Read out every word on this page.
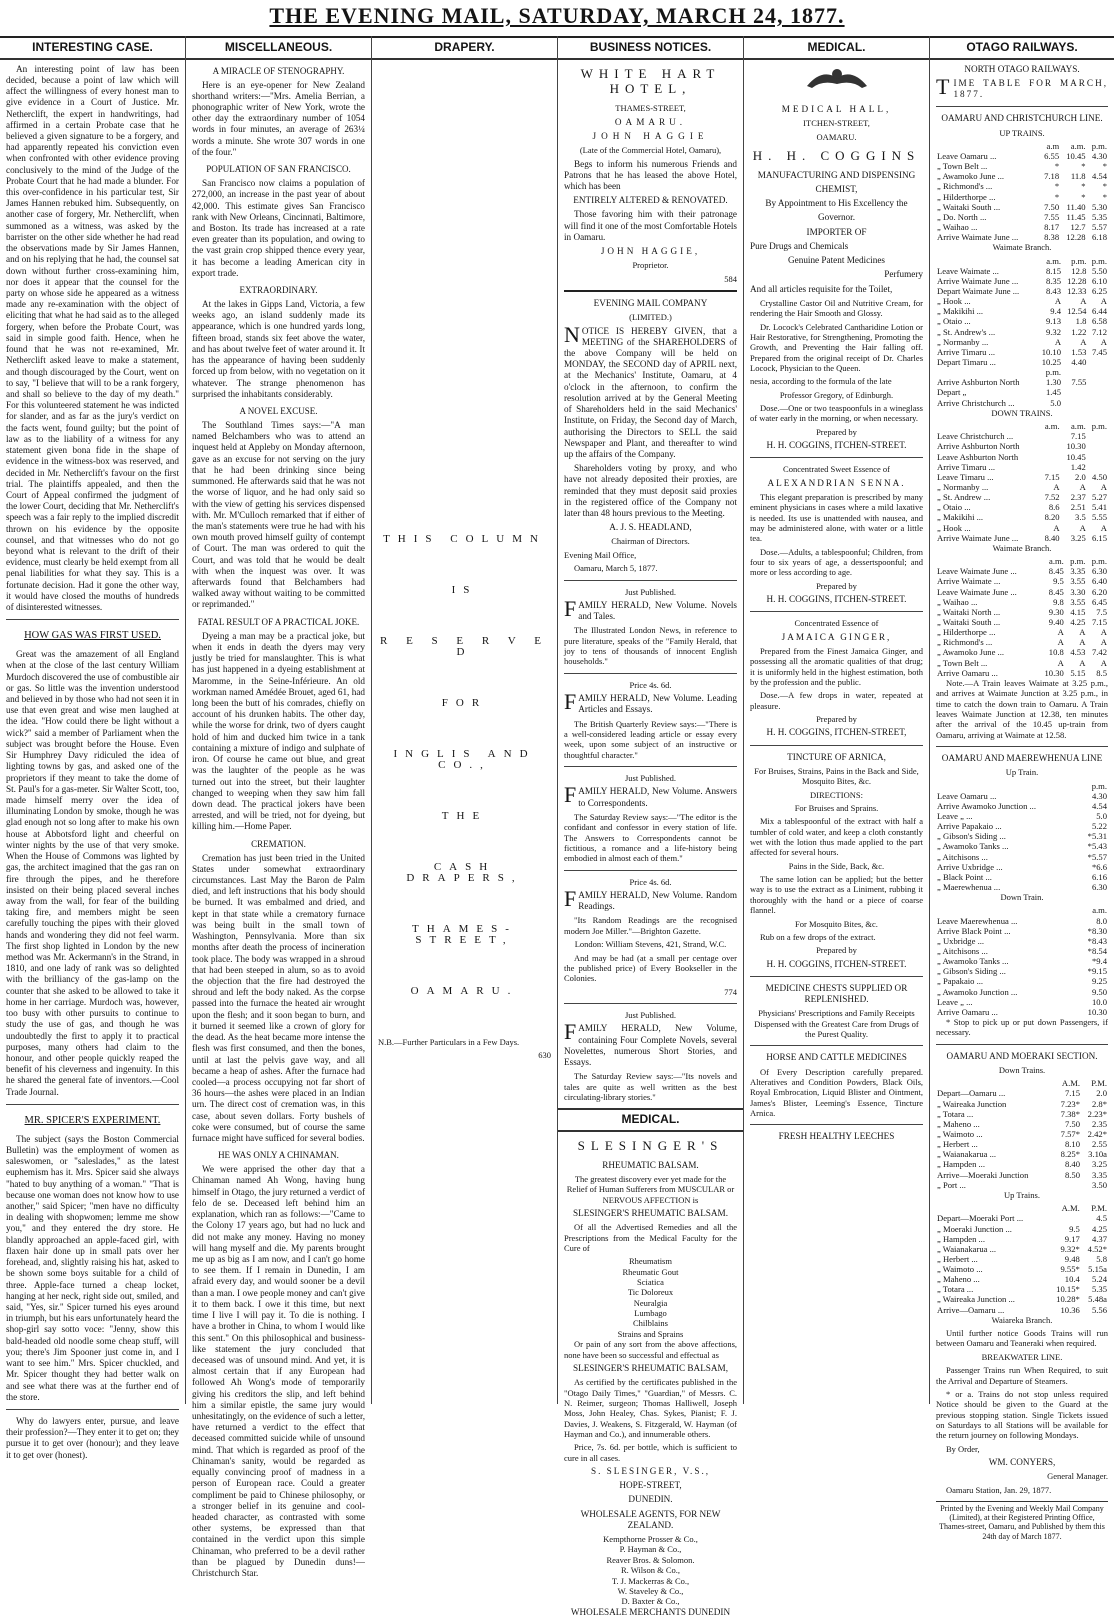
THE EVENING MAIL, SATURDAY, MARCH 24, 1877.
INTERESTING CASE.

An interesting point of law has been decided, because a point of law which will affect the willingness of every honest man to give evidence in a Court of Justice. Mr. Netherclift, the expert in handwritings, had affirmed in a certain Probate case that he believed a given signature to be a forgery, and had apparently repeated his conviction even when confronted with other evidence proving conclusively to the mind of the Judge of the Probate Court that he had made a blunder. For this over-confidence in his particular test, Sir James Hannen rebuked him. Subsequently, on another case of forgery, Mr. Netherclift, when summoned as a witness, was asked by the barrister on the other side whether he had read the observations made by Sir James Hannen, and on his replying that he had, the counsel sat down without further cross-examining him, nor does it appear that the counsel for the party on whose side he appeared as a witness made any re-examination with the object of eliciting that what he had said as to the alleged forgery, when before the Probate Court, was said in simple good faith. Hence, when he found that he was not re-examined, Mr. Netherclift asked leave to make a statement, and though discouraged by the Court, went on to say, "I believe that will to be a rank forgery, and shall so believe to the day of my death." For this volunteered statement he was indicted for slander, and as far as the jury's verdict on the facts went, found guilty; but the point of law as to the liability of a witness for any statement given bona fide in the shape of evidence in the witness-box was reserved, and decided in Mr. Netherclift's favour on the first trial. The plaintiffs appealed, and then the Court of Appeal confirmed the judgment of the lower Court, deciding that Mr. Netherclift's speech was a fair reply to the implied discredit thrown on his evidence by the opposite counsel, and that witnesses who do not go beyond what is relevant to the drift of their evidence, must clearly be held exempt from all penal liabilities for what they say. This is a fortunate decision. Had it gone the other way, it would have closed the mouths of hundreds of disinterested witnesses.

HOW GAS WAS FIRST USED.

Great was the amazement of all England when at the close of the last century William Murdoch discovered the use of combustible air or gas. So little was the invention understood and believed in by those who had not seen it in use that even great and wise men laughed at the idea. "How could there be light without a wick?" said a member of Parliament when the subject was brought before the House. Even Sir Humphrey Davy ridiculed the idea of lighting towns by gas, and asked one of the proprietors if they meant to take the dome of St. Paul's for a gas-meter. Sir Walter Scott, too, made himself merry over the idea of illuminating London by smoke, though he was glad enough not so long after to make his own house at Abbotsford light and cheerful on winter nights by the use of that very smoke. When the House of Commons was lighted by gas, the architect imagined that the gas ran on fire through the pipes, and he therefore insisted on their being placed several inches away from the wall, for fear of the building taking fire, and members might be seen carefully touching the pipes with their gloved hands and wondering they did not feel warm. The first shop lighted in London by the new method was Mr. Ackermann's in the Strand, in 1810, and one lady of rank was so delighted with the brilliancy of the gas-lamp on the counter that she asked to be allowed to take it home in her carriage. Murdoch was, however, too busy with other pursuits to continue to study the use of gas, and though he was undoubtedly the first to apply it to practical purposes, many others had claim to the honour, and other people quickly reaped the benefit of his cleverness and ingenuity. In this he shared the general fate of inventors.—Cool Trade Journal.

MR. SPICER'S EXPERIMENT.

The subject (says the Boston Commercial Bulletin) was the employment of women as saleswomen, or "saleslades," as the latest euphemism has it. Mrs. Spicer said she always "hated to buy anything of a woman." "That is because one woman does not know how to use another," said Spicer; "men have no difficulty in dealing with shopwomen; lemme me show you," and they entered the dry store. He blandly approached an apple-faced girl, with flaxen hair done up in small pats over her forehead, and, slightly raising his hat, asked to be shown some boys suitable for a child of three. Apple-face turned a cheap locket, hanging at her neck, right side out, smiled, and said, "Yes, sir." Spicer turned his eyes around in triumph, but his ears unfortunately heard the shop-girl say sotto voce: "Jenny, show this bald-headed old noodle some cheap stuff, will you; there's Jim Spooner just come in, and I want to see him." Mrs. Spicer chuckled, and Mr. Spicer thought they had better walk on and see what there was at the further end of the store.

Why do lawyers enter, pursue, and leave their profession?—They enter it to get on; they pursue it to get over (honour); and they leave it to get over (honest).

MISCELLANEOUS.
A MIRACLE OF STENOGRAPHY.

Here is an eye-opener for New Zealand shorthand writers:—"Mrs. Amelia Berrian, a phonographic writer of New York, wrote the other day the extraordinary number of 1054 words in four minutes, an average of 263¼ words a minute. She wrote 307 words in one of the four."

POPULATION OF SAN FRANCISCO.

San Francisco now claims a population of 272,000, an increase in the past year of about 42,000. This estimate gives San Francisco rank with New Orleans, Cincinnati, Baltimore, and Boston. Its trade has increased at a rate even greater than its population, and owing to the vast grain crop shipped thence every year, it has become a leading American city in export trade.

EXTRAORDINARY.

At the lakes in Gipps Land, Victoria, a few weeks ago, an island suddenly made its appearance, which is one hundred yards long, fifteen broad, stands six feet above the water, and has about twelve feet of water around it. It has the appearance of having been suddenly forced up from below, with no vegetation on it whatever. The strange phenomenon has surprised the inhabitants considerably.

A NOVEL EXCUSE.

The Southland Times says:—"A man named Belchambers who was to attend an inquest held at Appleby on Monday afternoon, gave as an excuse for not serving on the jury that he had been drinking since being summoned. He afterwards said that he was not the worse of liquor, and he had only said so with the view of getting his services dispensed with. Mr. M'Culloch remarked that if either of the man's statements were true he had with his own mouth proved himself guilty of contempt of Court. The man was ordered to quit the Court, and was told that he would be dealt with when the inquest was over. It was afterwards found that Belchambers had walked away without waiting to be committed or reprimanded."

FATAL RESULT OF A PRACTICAL JOKE.

Dyeing a man may be a practical joke, but when it ends in death the dyers may very justly be tried for manslaughter. This is what has just happened in a dyeing establishment at Maromme, in the Seine-Inférieure. An old workman named Amédée Brouet, aged 61, had long been the butt of his comrades, chiefly on account of his drunken habits. The other day, while the worse for drink, two of dyers caught hold of him and ducked him twice in a tank containing a mixture of indigo and sulphate of iron. Of course he came out blue, and great was the laughter of the people as he was turned out into the street, but their laughter changed to weeping when they saw him fall down dead. The practical jokers have been arrested, and will be tried, not for dyeing, but killing him.—Home Paper.

CREMATION.

Cremation has just been tried in the United States under somewhat extraordinary circumstances. Last May the Baron de Palm died, and left instructions that his body should be burned. It was embalmed and dried, and kept in that state while a crematory furnace was being built in the small town of Washington, Pennsylvania. More than six months after death the process of incineration took place. The body was wrapped in a shroud that had been steeped in alum, so as to avoid the objection that the fire had destroyed the shroud and left the body naked. As the corpse passed into the furnace the heated air wrought upon the flesh; and it soon began to burn, and it burned it seemed like a crown of glory for the dead. As the heat became more intense the flesh was first consumed, and then the bones, until at last the pelvis gave way, and all became a heap of ashes. After the furnace had cooled—a process occupying not far short of 36 hours—the ashes were placed in an Indian urn. The direct cost of cremation was, in this case, about seven dollars. Forty bushels of coke were consumed, but of course the same furnace might have sufficed for several bodies.

HE WAS ONLY A CHINAMAN.

We were apprised the other day that a Chinaman named Ah Wong, having hung himself in Otago, the jury returned a verdict of felo de se. Deceased left behind him an explanation, which ran as follows:—"Came to the Colony 17 years ago, but had no luck and did not make any money. Having no money will hang myself and die. My parents brought me up as big as I am now, and I can't go home to see them. If I remain in Dunedin, I am afraid every day, and would sooner be a devil than a man. I owe people money and can't give it to them back. I owe it this time, but next time I live I will pay it. To die is nothing. I have a brother in China, to whom I would like this sent." On this philosophical and business-like statement the jury concluded that deceased was of unsound mind. And yet, it is almost certain that if any European had followed Ah Wong's mode of temporarily giving his creditors the slip, and left behind him a similar epistle, the same jury would unhesitatingly, on the evidence of such a letter, have returned a verdict to the effect that deceased committed suicide while of unsound mind. That which is regarded as proof of the Chinaman's sanity, would be regarded as equally convincing proof of madness in a person of European race. Could a greater compliment be paid to Chinese philosophy, or a stronger belief in its genuine and cool-headed character, as contrasted with some other systems, be expressed than that contained in the verdict upon this simple Chinaman, who preferred to be a devil rather than be plagued by Dunedin duns!—Christchurch Star.

DRAPERY.
THIS COLUMN
IS
R E S E R V E D
FOR
INGLIS AND CO.,
THE
CASH DRAPERS,
THAMES-STREET,
OAMARU.

N.B.—Further Particulars in a Few Days.

630

BUSINESS NOTICES.
WHITE HART HOTEL,

THAMES-STREET,

OAMARU.

JOHN HAGGIE

(Late of the Commercial Hotel, Oamaru),

Begs to inform his numerous Friends and Patrons that he has leased the above Hotel, which has been

ENTIRELY ALTERED & RENOVATED.

Those favoring him with their patronage will find it one of the most Comfortable Hotels in Oamaru.

JOHN HAGGIE,

Proprietor.

584

EVENING MAIL COMPANY

(LIMITED.)

NOTICE IS HEREBY GIVEN, that a MEETING of the SHAREHOLDERS of the above Company will be held on MONDAY, the SECOND day of APRIL next, at the Mechanics' Institute, Oamaru, at 4 o'clock in the afternoon, to confirm the resolution arrived at by the General Meeting of Shareholders held in the said Mechanics' Institute, on Friday, the Second day of March, authorising the Directors to SELL the said Newspaper and Plant, and thereafter to wind up the affairs of the Company.

Shareholders voting by proxy, and who have not already deposited their proxies, are reminded that they must deposit said proxies in the registered office of the Company not later than 48 hours previous to the Meeting.

A. J. S. HEADLAND,

Chairman of Directors.

Evening Mail Office,

Oamaru, March 5, 1877.

Just Published.

FAMILY HERALD, New Volume. Novels and Tales.

The Illustrated London News, in reference to pure literature, speaks of the "Family Herald, that joy to tens of thousands of innocent English households."

Price 4s. 6d.

FAMILY HERALD, New Volume. Leading Articles and Essays.

The British Quarterly Review says:—"There is a well-considered leading article or essay every week, upon some subject of an instructive or thoughtful character."

Just Published.

FAMILY HERALD, New Volume. Answers to Correspondents.

The Saturday Review says:—"The editor is the confidant and confessor in every station of life. The Answers to Correspondents cannot be fictitious, a romance and a life-history being embodied in almost each of them."

Price 4s. 6d.

FAMILY HERALD, New Volume. Random Readings.

"Its Random Readings are the recognised modern Joe Miller."—Brighton Gazette.

London: William Stevens, 421, Strand, W.C.

And may be had (at a small per centage over the published price) of Every Bookseller in the Colonies.

774

Just Published.

FAMILY HERALD, New Volume, containing Four Complete Novels, several Novelettes, numerous Short Stories, and Essays.

The Saturday Review says:—"Its novels and tales are quite as well written as the best circulating-library stories."

MEDICAL.
SLESINGER'S

RHEUMATIC BALSAM.

The greatest discovery ever yet made for the Relief of Human Sufferers from MUSCULAR or NERVOUS AFFECTION is

SLESINGER'S RHEUMATIC BALSAM.

Of all the Advertised Remedies and all the Prescriptions from the Medical Faculty for the Cure of

Rheumatism
Rheumatic Gout
Sciatica
Tic Doloreux
Neuralgia
Lumbago
Chilblains
Strains and Sprains

Or pain of any sort from the above affections, none have been so successful and effectual as

SLESINGER'S RHEUMATIC BALSAM,

As certified by the certificates published in the "Otago Daily Times," "Guardian," of Messrs. C. N. Reimer, surgeon; Thomas Halliwell, Joseph Moss, John Healey, Chas. Sykes, Pianist; F. J. Davies, J. Weakens, S. Fitzgerald, W. Hayman (of Hayman and Co.), and innumerable others.

Price, 7s. 6d. per bottle, which is sufficient to cure in all cases.

S. SLESINGER, V.S.,

HOPE-STREET,

DUNEDIN.

WHOLESALE AGENTS, FOR NEW ZEALAND.

Kempthorne Prosser & Co.,
P. Hayman & Co.,
Reaver Bros. & Solomon.
R. Wilson & Co.,
T. J. Mackerras & Co.,
W. Staveley & Co.,
D. Baxter & Co.,

WHOLESALE MERCHANTS DUNEDIN

MEDICAL.

MEDICAL HALL,

ITCHEN-STREET,

OAMARU.

H. H. COGGINS

MANUFACTURING AND DISPENSING

CHEMIST,

By Appointment to His Excellency the

Governor.

IMPORTER OF

Pure Drugs and Chemicals

Genuine Patent Medicines

Perfumery

And all articles requisite for the Toilet,

Crystalline Castor Oil and Nutritive Cream, for rendering the Hair Smooth and Glossy.

Dr. Locock's Celebrated Cantharidine Lotion or Hair Restorative, for Strengthening, Promoting the Growth, and Preventing the Hair falling off. Prepared from the original receipt of Dr. Charles Locock, Physician to the Queen.

nesia, according to the formula of the late

Professor Gregory, of Edinburgh.

Dose.—One or two teaspoonfuls in a wineglass of water early in the morning, or when necessary.

Prepared by

H. H. COGGINS, ITCHEN-STREET.

Concentrated Sweet Essence of

ALEXANDRIAN SENNA.

This elegant preparation is prescribed by many eminent physicians in cases where a mild laxative is needed. Its use is unattended with nausea, and may be administered alone, with water or a little tea.

Dose.—Adults, a tablespoonful; Children, from four to six years of age, a dessertspoonful; and more or less according to age.

Prepared by

H. H. COGGINS, ITCHEN-STREET.

Concentrated Essence of

JAMAICA GINGER,

Prepared from the Finest Jamaica Ginger, and possessing all the aromatic qualities of that drug; it is uniformly held in the highest estimation, both by the profession and the public.

Dose.—A few drops in water, repeated at pleasure.

Prepared by

H. H. COGGINS, ITCHEN-STREET,

TINCTURE OF ARNICA,

For Bruises, Strains, Pains in the Back and Side, Mosquito Bites, &c.

DIRECTIONS:

For Bruises and Sprains.

Mix a tablespoonful of the extract with half a tumbler of cold water, and keep a cloth constantly wet with the lotion thus made applied to the part affected for several hours.

Pains in the Side, Back, &c.

The same lotion can be applied; but the better way is to use the extract as a Liniment, rubbing it thoroughly with the hand or a piece of coarse flannel.

For Mosquito Bites, &c.

Rub on a few drops of the extract.

Prepared by

H. H. COGGINS, ITCHEN-STREET.

MEDICINE CHESTS SUPPLIED OR REPLENISHED.

Physicians' Prescriptions and Family Receipts Dispensed with the Greatest Care from Drugs of the Purest Quality.

HORSE AND CATTLE MEDICINES

Of Every Description carefully prepared. Alteratives and Condition Powders, Black Oils, Royal Embrocation, Liquid Blister and Ointment, James's Blister, Leeming's Essence, Tincture Arnica.

FRESH HEALTHY LEECHES

OTAGO RAILWAYS.

NORTH OTAGO RAILWAYS.

TIME TABLE FOR MARCH, 1877.

OAMARU AND CHRISTCHURCH LINE.

UP TRAINS.

	a.m	a.m.	p.m.
Leave Oamaru ...	6.55	10.45	4.30
„ Town Belt ...	*	*	*
„ Awamoko June ...	7.18	11.8	4.54
„ Richmond's ...	*	*	*
„ Hilderthorpe ...	*	*	*
„ Waitaki South ...	7.50	11.40	5.30
„ Do. North ...	7.55	11.45	5.35
„ Waihao ...	8.17	12.7	5.57
Arrive Waimate June ...	8.38	12.28	6.18

Waimate Branch.

	a.m.	p.m.	p.m.
Leave Waimate ...	8.15	12.8	5.50
Arrive Waimate June ...	8.35	12.28	6.10
Depart Waimate June ...	8.43	12.33	6.25
„ Hook ...	A	A	A
„ Makikihi ...	9.4	12.54	6.44
„ Otaio ...	9.13	1.8	6.58
„ St. Andrew's ...	9.32	1.22	7.12
„ Normanby ...	A	A	A
Arrive Timaru ...	10.10	1.53	7.45
Depart Timaru ...	10.25	4.40	
	p.m.		
Arrive Ashburton North	1.30	7.55	
Depart „	1.45		
Arrive Christchurch ...	5.0		

DOWN TRAINS.

	a.m.	a.m.	p.m.
Leave Christchurch ...		7.15	
Arrive Ashburton North		10.30	
Leave Ashburton North		10.45	
Arrive Timaru ...		1.42	
Leave Timaru ...	7.15	2.0	4.50
„ Normanby ...	A	A	A
„ St. Andrew ...	7.52	2.37	5.27
„ Otaio ...	8.6	2.51	5.41
„ Makikihi ...	8.20	3.5	5.55
„ Hook ...	A	A	A
Arrive Waimate June ...	8.40	3.25	6.15

Waimate Branch.

	a.m.	p.m.	p.m.
Leave Waimate June ...	8.45	3.35	6.30
Arrive Waimate ...	9.5	3.55	6.40
Leave Waimate June ...	8.45	3.30	6.20
„ Waihao ...	9.8	3.55	6.45
„ Waitaki North ...	9.30	4.15	7.5
„ Waitaki South ...	9.40	4.25	7.15
„ Hilderthorpe ...	A	A	A
„ Richmond's ...	A	A	A
„ Awamoko June ...	10.8	4.53	7.42
„ Town Belt ...	A	A	A
Arrive Oamaru ...	10.30	5.15	8.5

Note.—A Train leaves Waimate at 3.25 p.m., and arrives at Waimate Junction at 3.25 p.m., in time to catch the down train to Oamaru. A Train leaves Waimate Junction at 12.38, ten minutes after the arrival of the 10.45 up-train from Oamaru, arriving at Waimate at 12.58.

OAMARU AND MAEREWHENUA LINE

Up Train.

	p.m.
Leave Oamaru ...	4.30
Arrive Awamoko Junction ...	4.54
Leave „ ...	5.0
Arrive Papakaio ...	5.22
„ Gibson's Siding ...	*5.31
„ Awamoko Tanks ...	*5.43
„ Aitchisons ...	*5.57
Arrive Uxbridge ...	*6.6
„ Black Point ...	6.16
„ Maerewhenua ...	6.30

Down Train.

	a.m.
Leave Maerewhenua ...	8.0
Arrive Black Point ...	*8.30
„ Uxbridge ...	*8.43
„ Aitchisons ...	*8.54
„ Awamoko Tanks ...	*9.4
„ Gibson's Siding ...	*9.15
„ Papakaio ...	9.25
„ Awamoko Junction ...	9.50
Leave „ ...	10.0
Arrive Oamaru ...	10.30

* Stop to pick up or put down Passengers, if necessary.

OAMARU AND MOERAKI SECTION.

Down Trains.

	A.M.	P.M.
Depart—Oamaru ...	7.15	2.0
„ Waireaka Junction	7.23*	2.8*
„ Totara ...	7.38*	2.23*
„ Maheno ...	7.50	2.35
„ Waimoto ...	7.57*	2.42*
„ Herbert ...	8.10	2.55
„ Waianakarua ...	8.25*	3.10a
„ Hampden ...	8.40	3.25
Arrive—Moeraki Junction	8.50	3.35
„ Port ...		3.50

Up Trains.

	A.M.	P.M.
Depart—Moeraki Port ...		4.5
„ Moeraki Junction ...	9.5	4.25
„ Hampden ...	9.17	4.37
„ Waianakarua ...	9.32*	4.52*
„ Herbert ...	9.48	5.8
„ Waimoto ...	9.55*	5.15a
„ Maheno ...	10.4	5.24
„ Totara ...	10.15*	5.35
„ Waireaka Junction ...	10.28*	5.48a
Arrive—Oamaru ...	10.36	5.56

Waiareka Branch.

Until further notice Goods Trains will run between Oamaru and Teaneraki when required.

BREAKWATER LINE.

Passenger Trains run When Required, to suit the Arrival and Departure of Steamers.

* or a. Trains do not stop unless required Notice should be given to the Guard at the previous stopping station. Single Tickets issued on Saturdays to all Stations will be available for the return journey on following Mondays.

By Order,

WM. CONYERS,

General Manager.

Oamaru Station, Jan. 29, 1877.

Printed by the Evening and Weekly Mail Company (Limited), at their Registered Printing Office, Thames-street, Oamaru, and Published by them this 24th day of March 1877.
